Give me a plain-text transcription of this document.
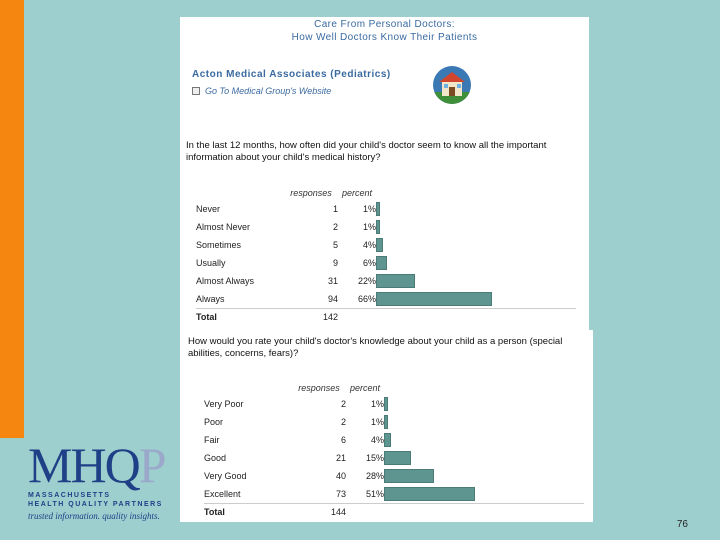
Care From Personal Doctors:
How Well Doctors Know Their Patients
Acton Medical Associates (Pediatrics)
Go To Medical Group's Website
In the last 12 months, how often did your child's doctor seem to know all the important information about your child's medical history?
	responses	percent	
Never	1	1%	

Almost Never	2	1%	

Sometimes	5	4%	

Usually	9	6%	

Almost Always	31	22%	

Always	94	66%	

Total	142		
How would you rate your child's doctor's knowledge about your child as a person (special abilities, concerns, fears)?
	responses	percent	
Very Poor	2	1%	

Poor	2	1%	

Fair	6	4%	

Good	21	15%	

Very Good	40	28%	

Excellent	73	51%	

Total	144		
MHQP
MASSACHUSETTS
HEALTH QUALITY PARTNERS
trusted information. quality insights.
76
